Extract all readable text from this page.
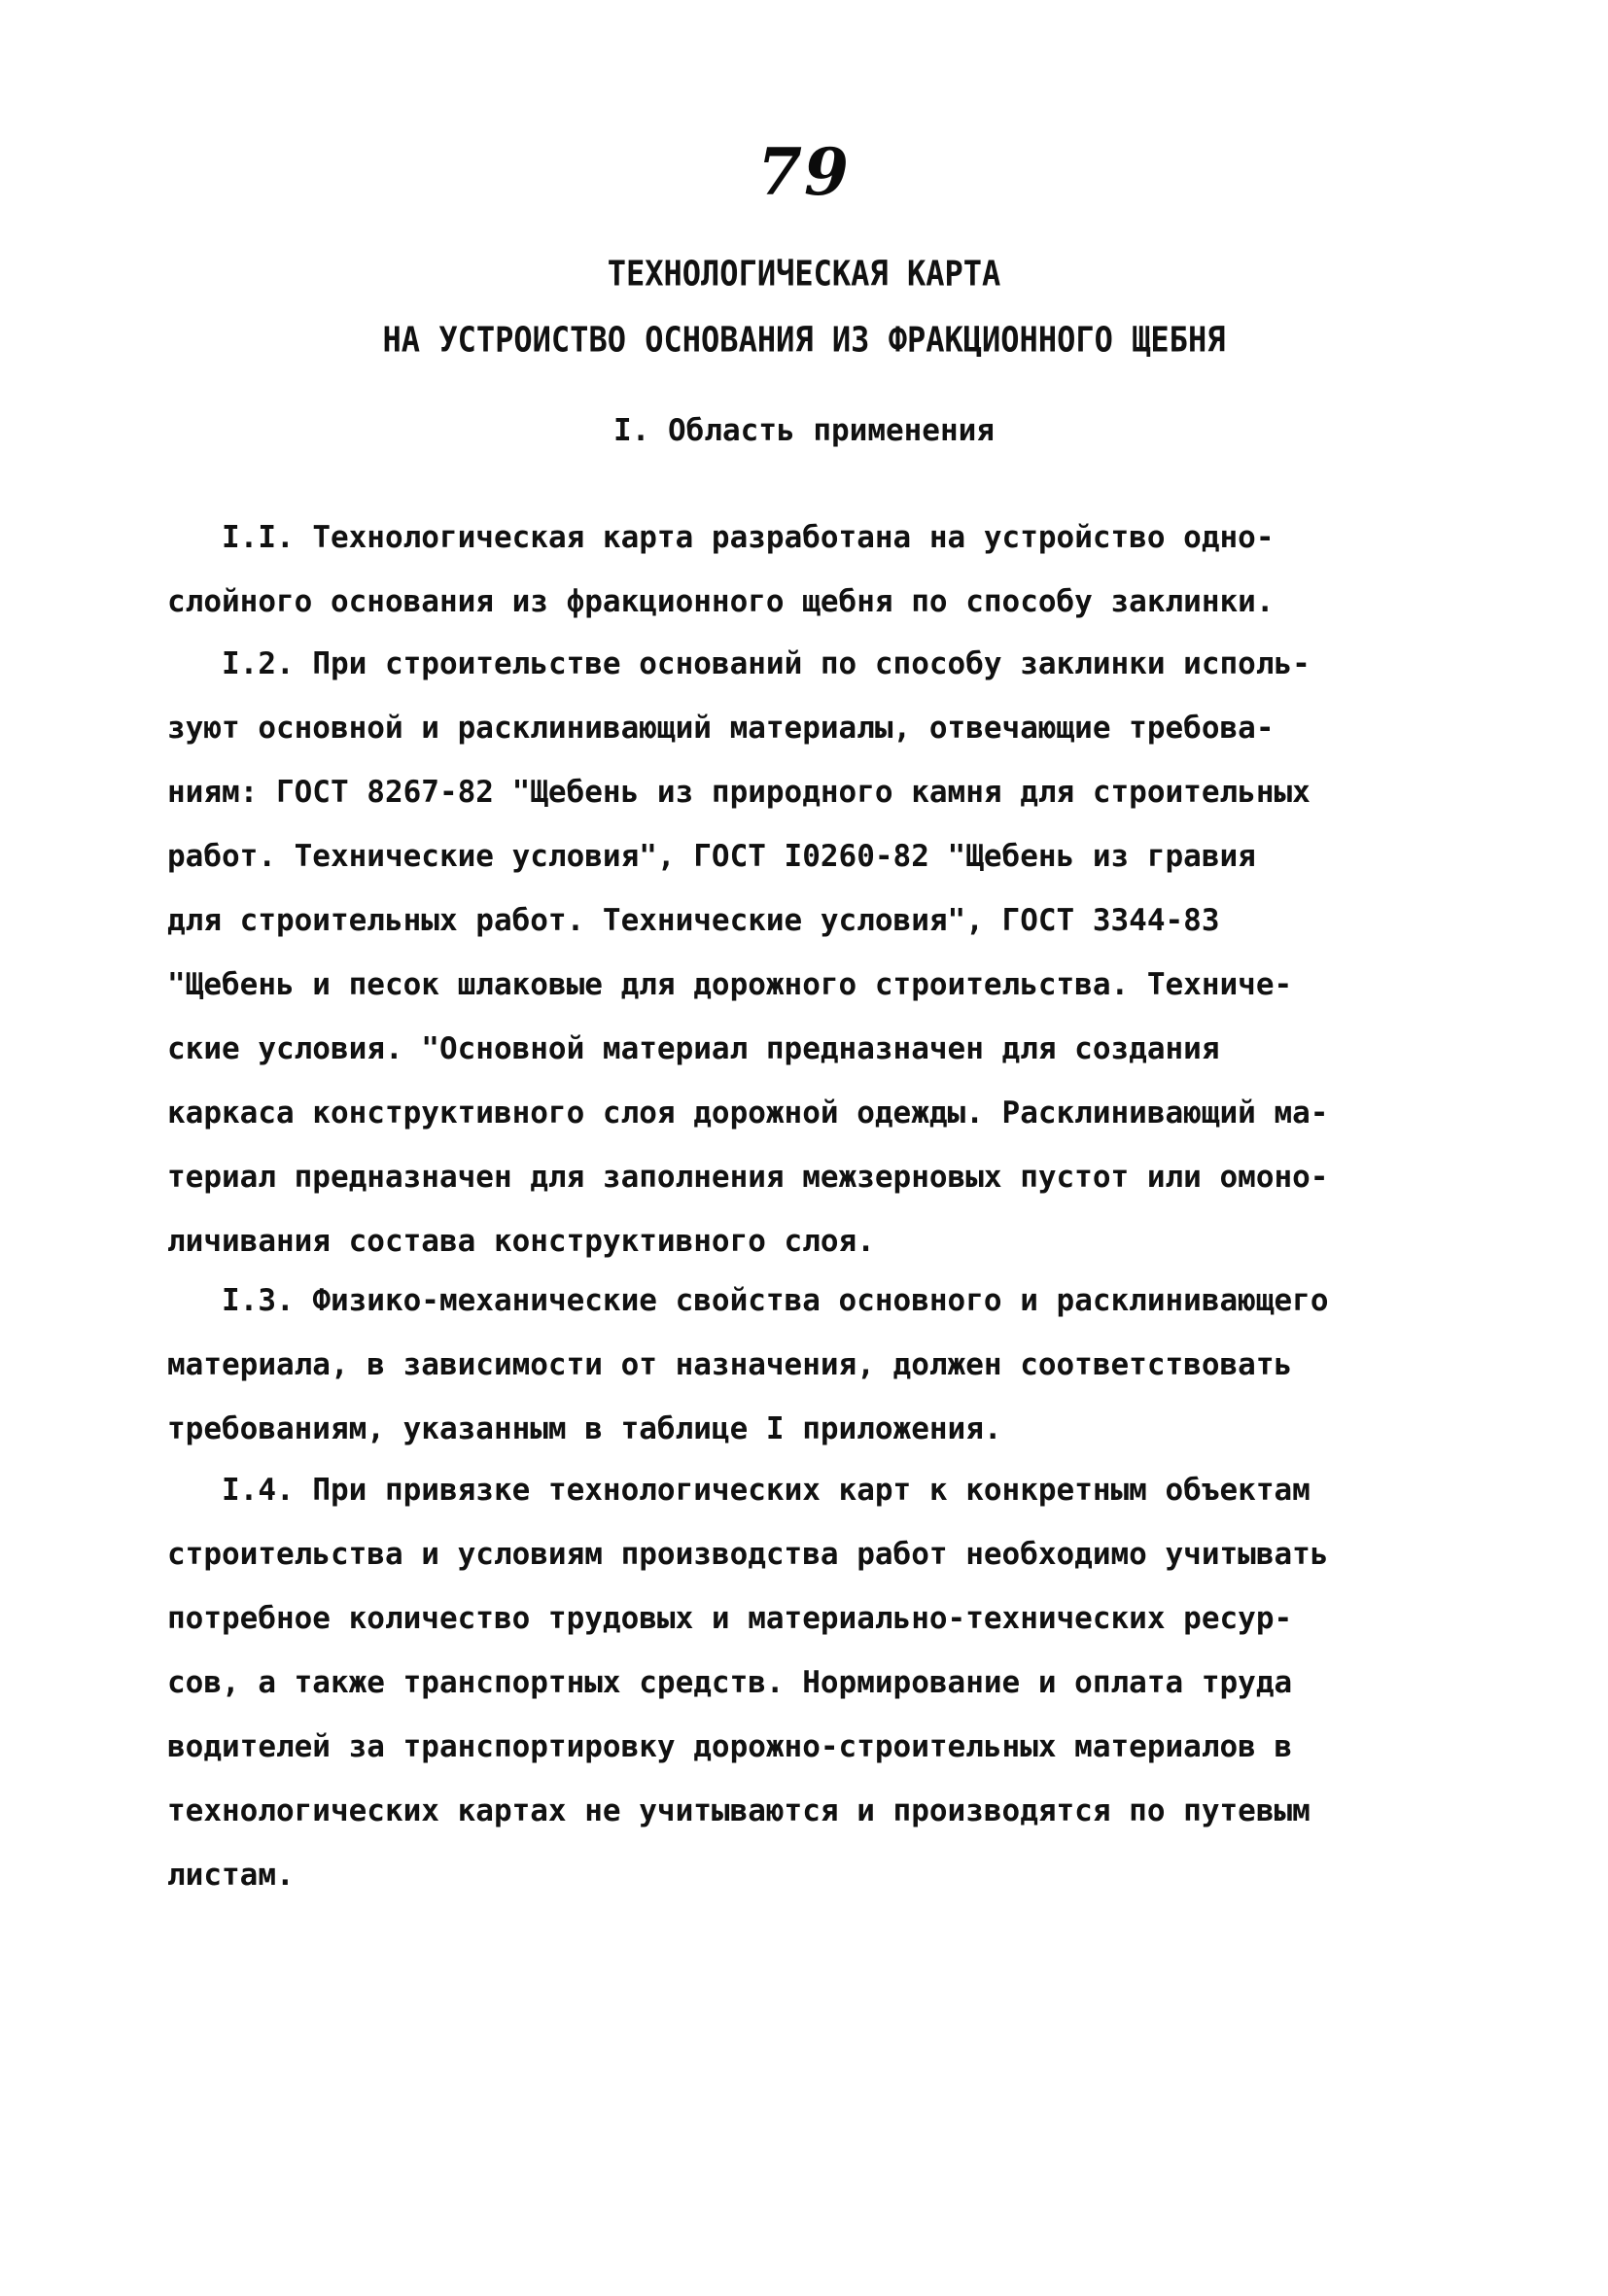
79
ТЕХНОЛОГИЧЕСКАЯ КАРТА
НА УСТРОИСТВО ОСНОВАНИЯ ИЗ ФРАКЦИОННОГО ЩЕБНЯ
I. Область применения
I.I. Технологическая карта разработана на устройство одно-
слойного основания из фракционного щебня по способу заклинки.
I.2. При строительстве оснований по способу заклинки исполь-
зуют основной и расклинивающий материалы, отвечающие требова-
ниям: ГОСТ 8267-82 "Щебень из природного камня для строительных
работ. Технические условия", ГОСТ I0260-82 "Щебень из гравия
для строительных работ. Технические условия", ГОСТ 3344-83
"Щебень и песок шлаковые для дорожного строительства. Техниче-
ские условия. "Основной материал предназначен для создания
каркаса конструктивного слоя дорожной одежды. Расклинивающий ма-
териал предназначен для заполнения межзерновых пустот или омоно-
личивания состава конструктивного слоя.
I.3. Физико-механические свойства основного и расклинивающего
материала, в зависимости от назначения, должен соответствовать
требованиям, указанным в таблице I приложения.
I.4. При привязке технологических карт к конкретным объектам
строительства и условиям производства работ необходимо учитывать
потребное количество трудовых и материально-технических ресур-
сов, а также транспортных средств. Нормирование и оплата труда
водителей за транспортировку дорожно-строительных материалов в
технологических картах не учитываются и производятся по путевым
листам.
